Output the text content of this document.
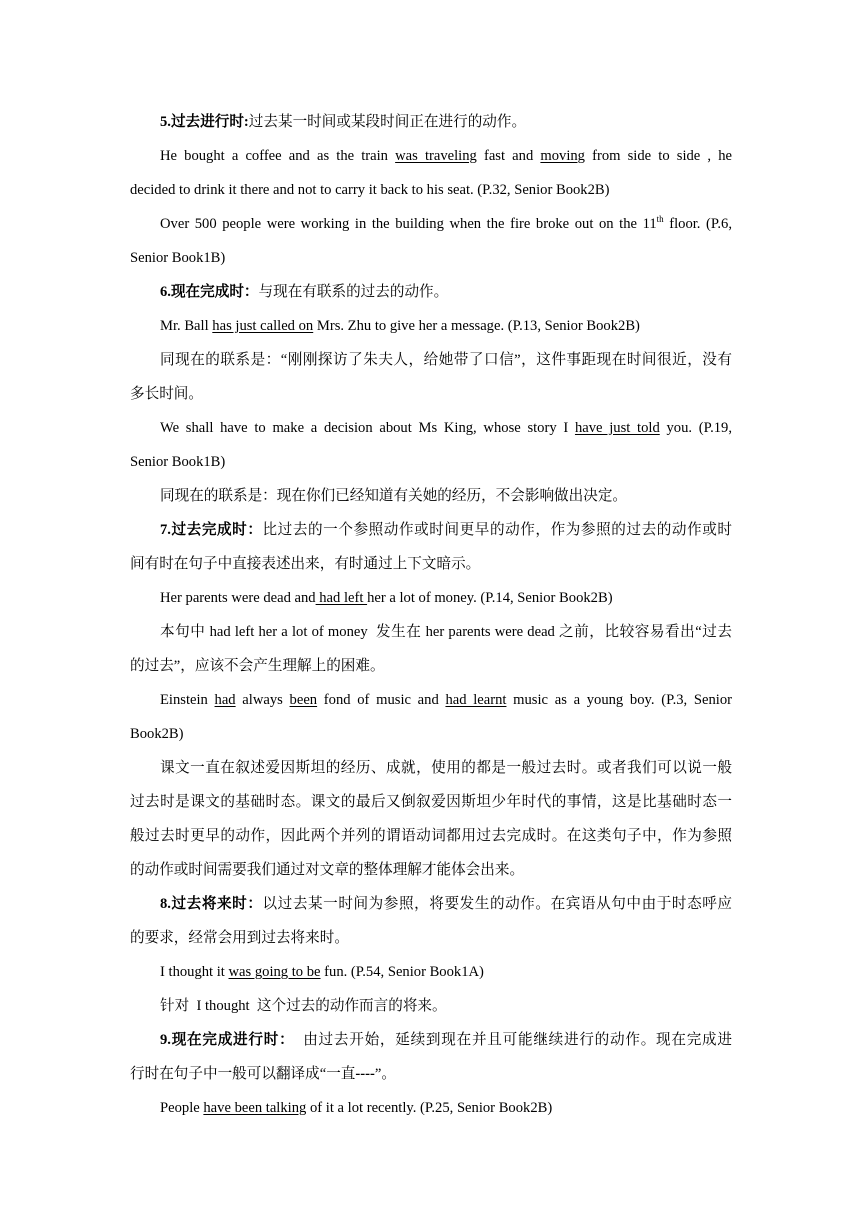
5.过去进行时:过去某一时间或某段时间正在进行的动作。
He bought a coffee and as the train was traveling fast and moving from side to side , he
decided to drink it there and not to carry it back to his seat. (P.32, Senior Book2B)
Over 500 people were working in the building when the fire broke out on the 11th floor. (P.6,
Senior Book1B)
6.现在完成时：与现在有联系的过去的动作。
Mr. Ball has just called on Mrs. Zhu to give her a message. (P.13, Senior Book2B)
同现在的联系是：“刚刚探访了朱夫人，给她带了口信”，这件事距现在时间很近，没有
多长时间。
We shall have to make a decision about Ms King, whose story I have just told you. (P.19,
Senior Book1B)
同现在的联系是：现在你们已经知道有关她的经历，不会影响做出决定。
7.过去完成时：比过去的一个参照动作或时间更早的动作，作为参照的过去的动作或时
间有时在句子中直接表述出来，有时通过上下文暗示。
Her parents were dead and had left her a lot of money. (P.14, Senior Book2B)
本句中 had left her a lot of money  发生在 her parents were dead 之前，比较容易看出“过去
的过去”，应该不会产生理解上的困难。
Einstein had always been fond of music and had learnt music as a young boy. (P.3, Senior
Book2B)
课文一直在叙述爱因斯坦的经历、成就，使用的都是一般过去时。或者我们可以说一般
过去时是课文的基础时态。课文的最后又倒叙爱因斯坦少年时代的事情，这是比基础时态一
般过去时更早的动作，因此两个并列的谓语动词都用过去完成时。在这类句子中，作为参照
的动作或时间需要我们通过对文章的整体理解才能体会出来。
8.过去将来时：以过去某一时间为参照，将要发生的动作。在宾语从句中由于时态呼应
的要求，经常会用到过去将来时。
I thought it was going to be fun. (P.54, Senior Book1A)
针对  I thought  这个过去的动作而言的将来。
9.现在完成进行时：  由过去开始，延续到现在并且可能继续进行的动作。现在完成进
行时在句子中一般可以翻译成“一直----”。
People have been talking of it a lot recently. (P.25, Senior Book2B)
